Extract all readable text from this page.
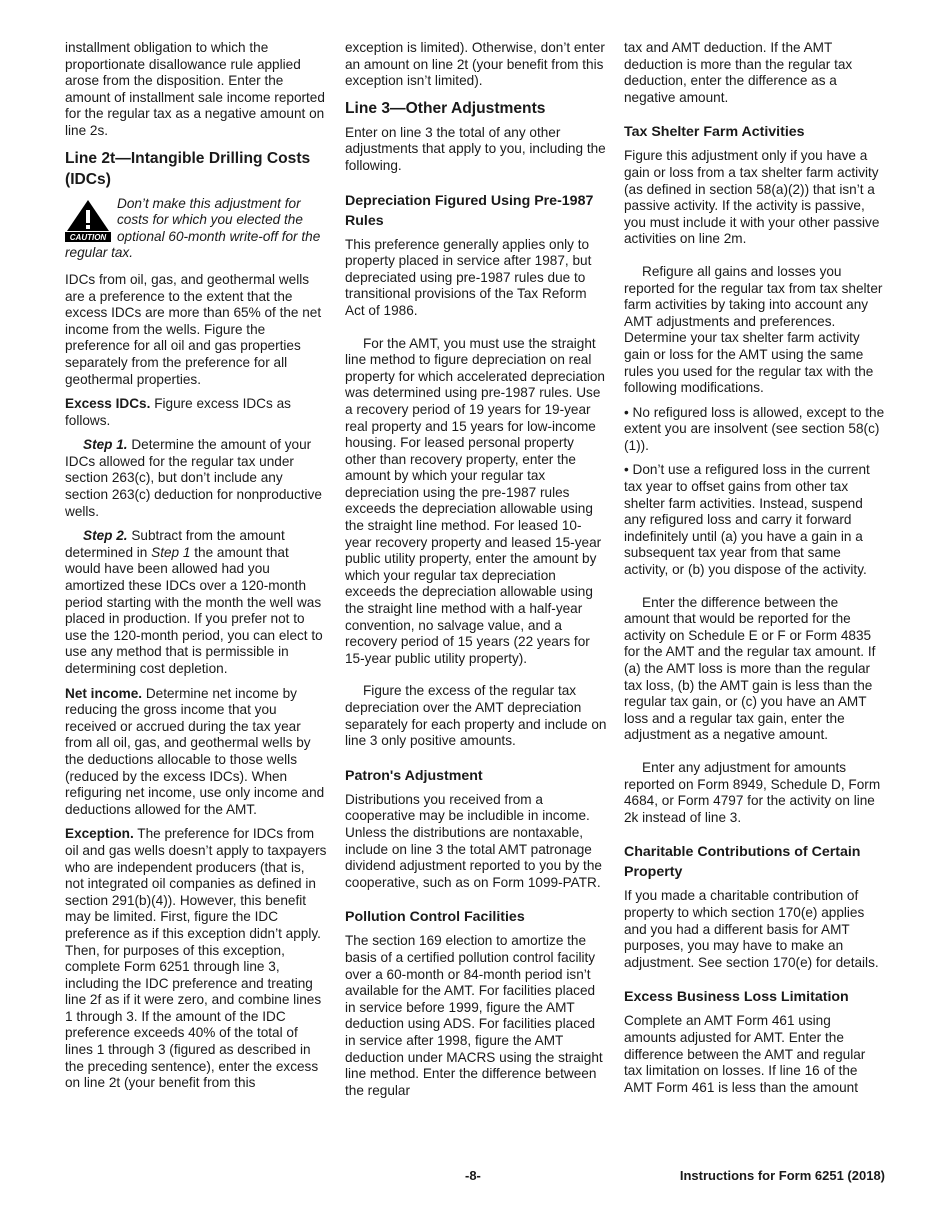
installment obligation to which the proportionate disallowance rule applied arose from the disposition. Enter the amount of installment sale income reported for the regular tax as a negative amount on line 2s.

Line 2t—Intangible Drilling Costs (IDCs)
CAUTION
Don’t make this adjustment for costs for which you elected the optional 60-month write-off for the regular tax.

IDCs from oil, gas, and geothermal wells are a preference to the extent that the excess IDCs are more than 65% of the net income from the wells. Figure the preference for all oil and gas properties separately from the preference for all geothermal properties.

Excess IDCs. Figure excess IDCs as follows.

Step 1. Determine the amount of your IDCs allowed for the regular tax under section 263(c), but don’t include any section 263(c) deduction for nonproductive wells.

Step 2. Subtract from the amount determined in Step 1 the amount that would have been allowed had you amortized these IDCs over a 120-month period starting with the month the well was placed in production. If you prefer not to use the 120-month period, you can elect to use any method that is permissible in determining cost depletion.

Net income. Determine net income by reducing the gross income that you received or accrued during the tax year from all oil, gas, and geothermal wells by the deductions allocable to those wells (reduced by the excess IDCs). When refiguring net income, use only income and deductions allowed for the AMT.

Exception. The preference for IDCs from oil and gas wells doesn’t apply to taxpayers who are independent producers (that is, not integrated oil companies as defined in section 291(b)(4)). However, this benefit may be limited. First, figure the IDC preference as if this exception didn’t apply. Then, for purposes of this exception, complete Form 6251 through line 3, including the IDC preference and treating line 2f as if it were zero, and combine lines 1 through 3. If the amount of the IDC preference exceeds 40% of the total of lines 1 through 3 (figured as described in the preceding sentence), enter the excess on line 2t (your benefit from this

exception is limited). Otherwise, don’t enter an amount on line 2t (your benefit from this exception isn’t limited).

Line 3—Other Adjustments

Enter on line 3 the total of any other adjustments that apply to you, including the following.

Depreciation Figured Using Pre-1987 Rules

This preference generally applies only to property placed in service after 1987, but depreciated using pre-1987 rules due to transitional provisions of the Tax Reform Act of 1986.

For the AMT, you must use the straight line method to figure depreciation on real property for which accelerated depreciation was determined using pre-1987 rules. Use a recovery period of 19 years for 19-year real property and 15 years for low-income housing. For leased personal property other than recovery property, enter the amount by which your regular tax depreciation using the pre-1987 rules exceeds the depreciation allowable using the straight line method. For leased 10-year recovery property and leased 15-year public utility property, enter the amount by which your regular tax depreciation exceeds the depreciation allowable using the straight line method with a half-year convention, no salvage value, and a recovery period of 15 years (22 years for 15-year public utility property).

Figure the excess of the regular tax depreciation over the AMT depreciation separately for each property and include on line 3 only positive amounts.

Patron's Adjustment

Distributions you received from a cooperative may be includible in income. Unless the distributions are nontaxable, include on line 3 the total AMT patronage dividend adjustment reported to you by the cooperative, such as on Form 1099-PATR.

Pollution Control Facilities

The section 169 election to amortize the basis of a certified pollution control facility over a 60-month or 84-month period isn’t available for the AMT. For facilities placed in service before 1999, figure the AMT deduction using ADS. For facilities placed in service after 1998, figure the AMT deduction under MACRS using the straight line method. Enter the difference between the regular

tax and AMT deduction. If the AMT deduction is more than the regular tax deduction, enter the difference as a negative amount.

Tax Shelter Farm Activities

Figure this adjustment only if you have a gain or loss from a tax shelter farm activity (as defined in section 58(a)(2)) that isn’t a passive activity. If the activity is passive, you must include it with your other passive activities on line 2m.

Refigure all gains and losses you reported for the regular tax from tax shelter farm activities by taking into account any AMT adjustments and preferences. Determine your tax shelter farm activity gain or loss for the AMT using the same rules you used for the regular tax with the following modifications.

• No refigured loss is allowed, except to the extent you are insolvent (see section 58(c)(1)).

• Don’t use a refigured loss in the current tax year to offset gains from other tax shelter farm activities. Instead, suspend any refigured loss and carry it forward indefinitely until (a) you have a gain in a subsequent tax year from that same activity, or (b) you dispose of the activity.

Enter the difference between the amount that would be reported for the activity on Schedule E or F or Form 4835 for the AMT and the regular tax amount. If (a) the AMT loss is more than the regular tax loss, (b) the AMT gain is less than the regular tax gain, or (c) you have an AMT loss and a regular tax gain, enter the adjustment as a negative amount.

Enter any adjustment for amounts reported on Form 8949, Schedule D, Form 4684, or Form 4797 for the activity on line 2k instead of line 3.

Charitable Contributions of Certain Property

If you made a charitable contribution of property to which section 170(e) applies and you had a different basis for AMT purposes, you may have to make an adjustment. See section 170(e) for details.

Excess Business Loss Limitation

Complete an AMT Form 461 using amounts adjusted for AMT. Enter the difference between the AMT and regular tax limitation on losses. If line 16 of the AMT Form 461 is less than the amount

-8-	Instructions for Form 6251 (2018)
